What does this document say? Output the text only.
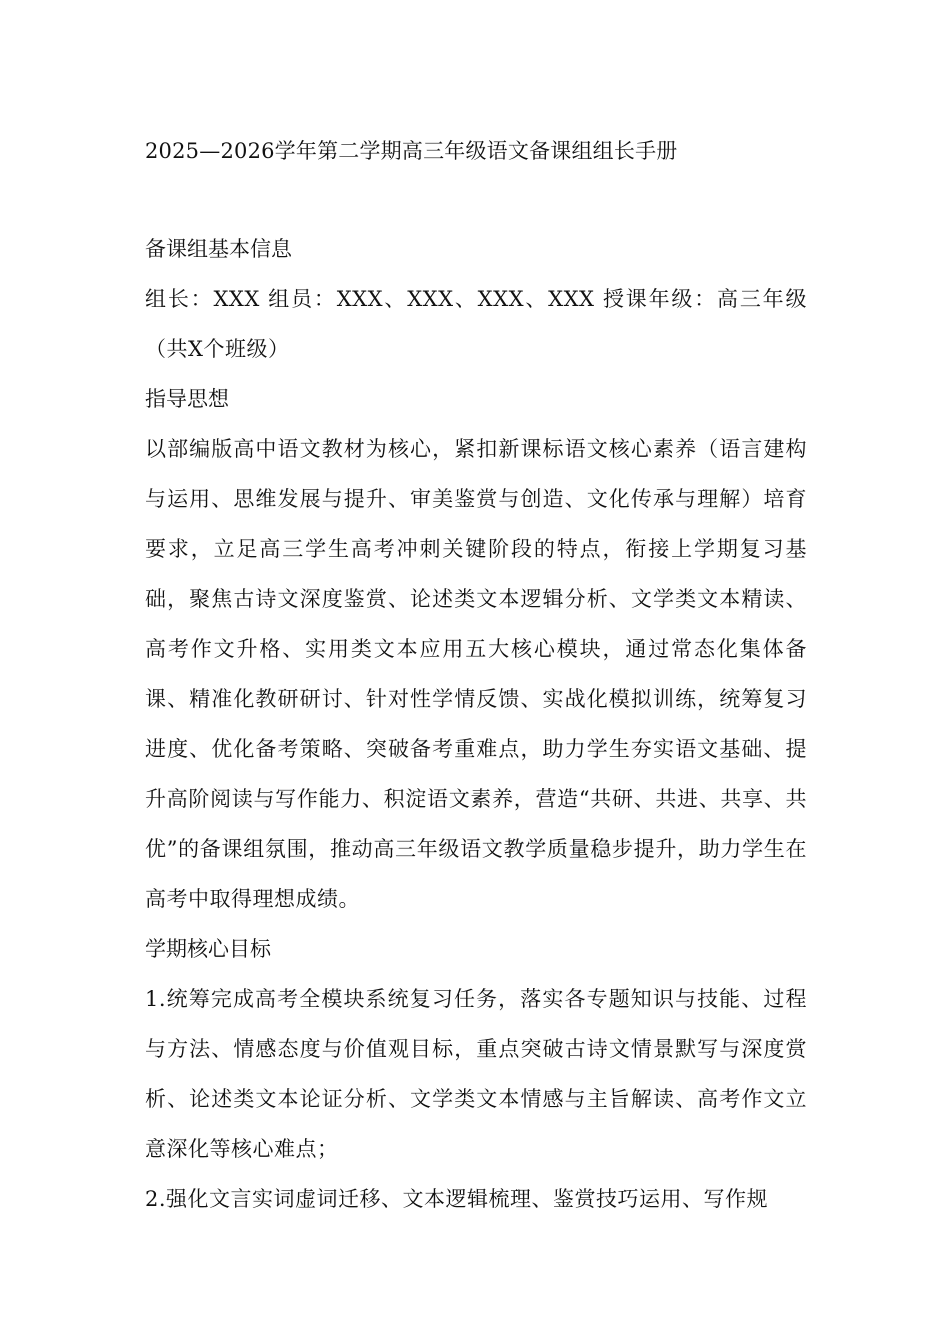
2025—2026学年第二学期高三年级语文备课组组长手册
备课组基本信息

组长：XXX 组员：XXX、XXX、XXX、XXX 授课年级：高三年级（共X个班级）

指导思想

以部编版高中语文教材为核心，紧扣新课标语文核心素养（语言建构与运用、思维发展与提升、审美鉴赏与创造、文化传承与理解）培育要求，立足高三学生高考冲刺关键阶段的特点，衔接上学期复习基础，聚焦古诗文深度鉴赏、论述类文本逻辑分析、文学类文本精读、高考作文升格、实用类文本应用五大核心模块，通过常态化集体备课、精准化教研研讨、针对性学情反馈、实战化模拟训练，统筹复习进度、优化备考策略、突破备考重难点，助力学生夯实语文基础、提升高阶阅读与写作能力、积淀语文素养，营造“共研、共进、共享、共优”的备课组氛围，推动高三年级语文教学质量稳步提升，助力学生在高考中取得理想成绩。

学期核心目标

1.统筹完成高考全模块系统复习任务，落实各专题知识与技能、过程与方法、情感态度与价值观目标，重点突破古诗文情景默写与深度赏析、论述类文本论证分析、文学类文本情感与主旨解读、高考作文立意深化等核心难点；

2.强化文言实词虚词迁移、文本逻辑梳理、鉴赏技巧运用、写作规
